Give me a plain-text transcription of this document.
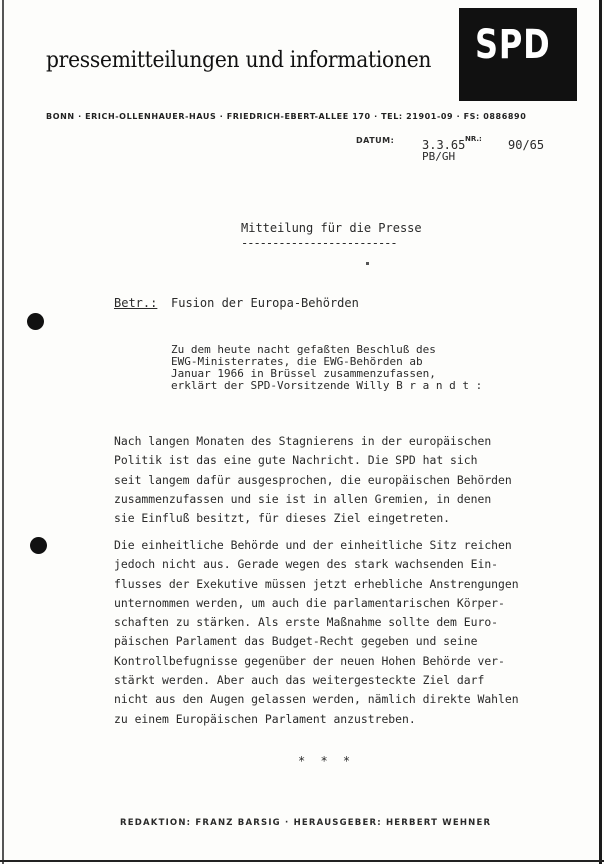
pressemitteilungen und informationen SPD
BONN · ERICH-OLLENHAUER-HAUS · FRIEDRICH-EBERT-ALLEE 170 · TEL: 21901-09 · FS: 0886890
DATUM: 3.3.65 NR.: 90/65
PB/GH
Mitteilung für die Presse
-------------------------
Betr.: Fusion der Europa-Behörden
Zu dem heute nacht gefaßten Beschluß des
EWG-Ministerrates, die EWG-Behörden ab
Januar 1966 in Brüssel zusammenzufassen,
erklärt der SPD-Vorsitzende Willy B r a n d t :
Nach langen Monaten des Stagnierens in der europäischen
Politik ist das eine gute Nachricht. Die SPD hat sich
seit langem dafür ausgesprochen, die europäischen Behörden
zusammenzufassen und sie ist in allen Gremien, in denen
sie Einfluß besitzt, für dieses Ziel eingetreten.
Die einheitliche Behörde und der einheitliche Sitz reichen
jedoch nicht aus. Gerade wegen des stark wachsenden Ein-
flusses der Exekutive müssen jetzt erhebliche Anstrengungen
unternommen werden, um auch die parlamentarischen Körper-
schaften zu stärken. Als erste Maßnahme sollte dem Euro-
päischen Parlament das Budget-Recht gegeben und seine
Kontrollbefugnisse gegenüber der neuen Hohen Behörde ver-
stärkt werden. Aber auch das weitergesteckte Ziel darf
nicht aus den Augen gelassen werden, nämlich direkte Wahlen
zu einem Europäischen Parlament anzustreben.
* * *
REDAKTION: FRANZ BARSIG · HERAUSGEBER: HERBERT WEHNER
